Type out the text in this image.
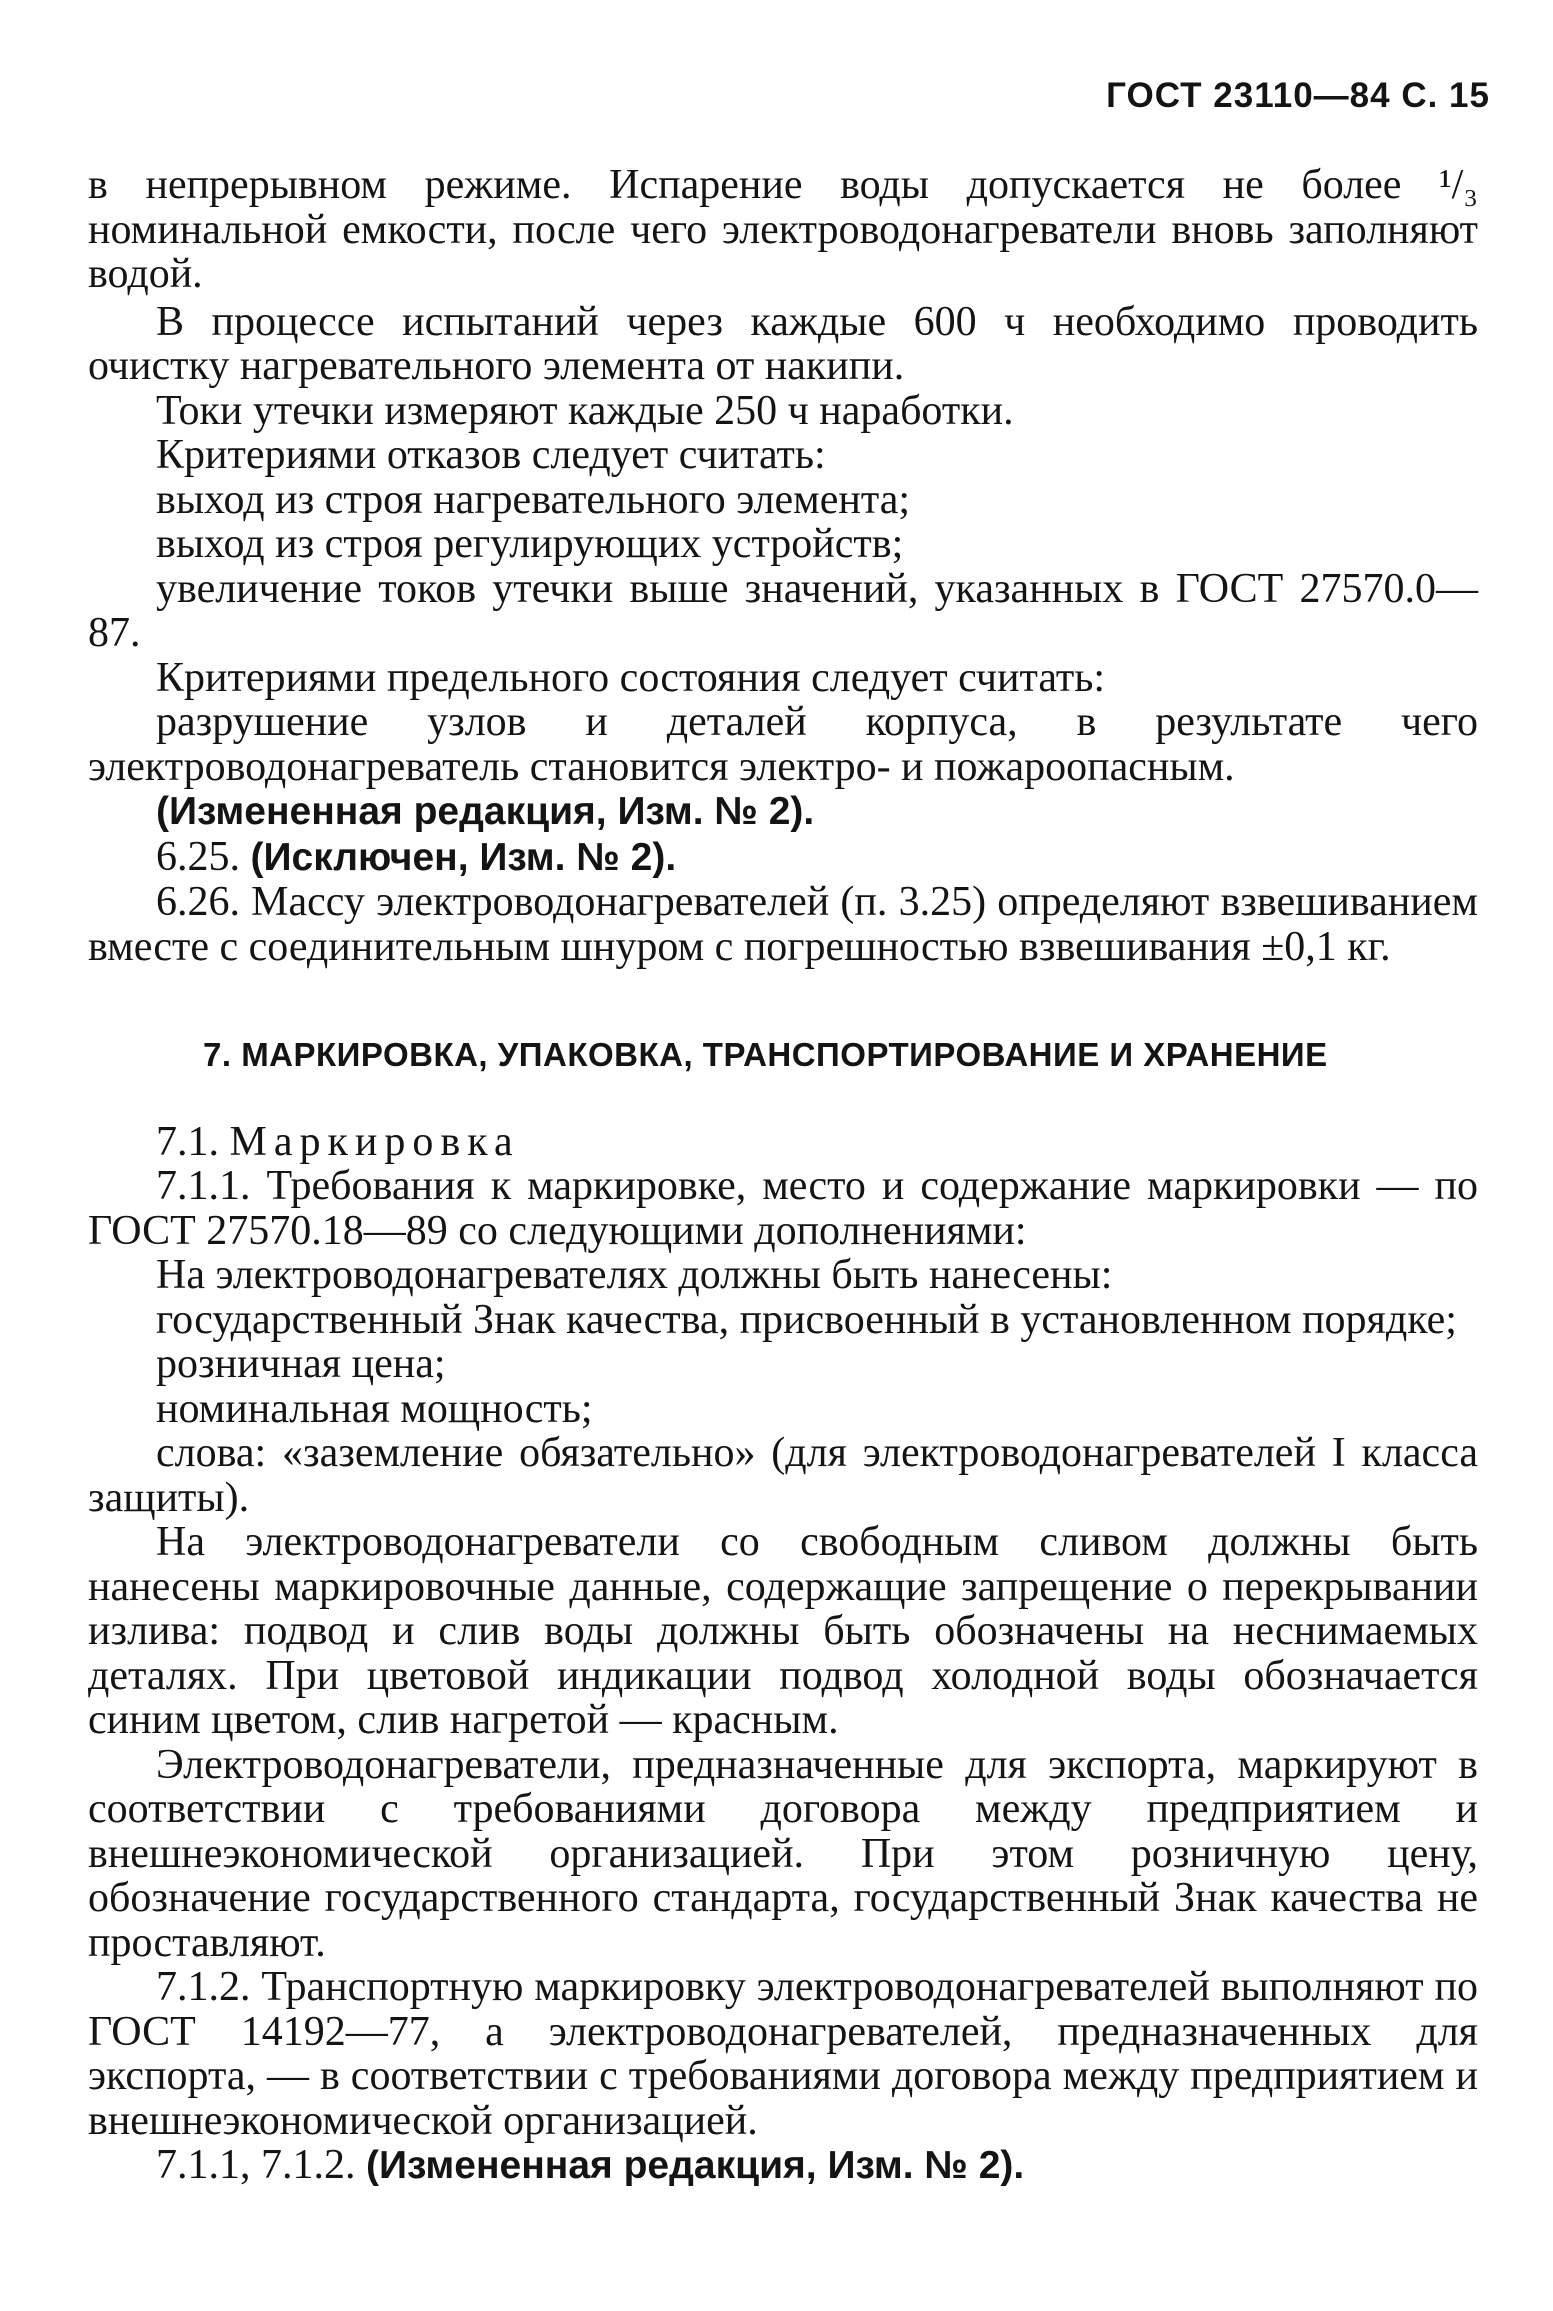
ГОСТ 23110—84 С. 15

в непрерывном режиме. Испарение воды допускается не более ¹/₃ номинальной емкости, после чего электроводонагреватели вновь заполняют водой.

В процессе испытаний через каждые 600 ч необходимо проводить очистку нагревательного элемента от накипи.

Токи утечки измеряют каждые 250 ч наработки.

Критериями отказов следует считать:

выход из строя нагревательного элемента;

выход из строя регулирующих устройств;

увеличение токов утечки выше значений, указанных в ГОСТ 27570.0—87.

Критериями предельного состояния следует считать:

разрушение узлов и деталей корпуса, в результате чего электроводонагреватель становится электро- и пожароопасным.

(Измененная редакция, Изм. № 2).

6.25. (Исключен, Изм. № 2).

6.26. Массу электроводонагревателей (п. 3.25) определяют взвешиванием вместе с соединительным шнуром с погрешностью взвешивания ±0,1 кг.

7. МАРКИРОВКА, УПАКОВКА, ТРАНСПОРТИРОВАНИЕ И ХРАНЕНИЕ

7.1. Маркировка

7.1.1. Требования к маркировке, место и содержание маркировки — по ГОСТ 27570.18—89 со следующими дополнениями:

На электроводонагревателях должны быть нанесены:

государственный Знак качества, присвоенный в установленном порядке;

розничная цена;

номинальная мощность;

слова: «заземление обязательно» (для электроводонагревателей I класса защиты).

На электроводонагреватели со свободным сливом должны быть нанесены маркировочные данные, содержащие запрещение о перекрывании излива: подвод и слив воды должны быть обозначены на неснимаемых деталях. При цветовой индикации подвод холодной воды обозначается синим цветом, слив нагретой — красным.

Электроводонагреватели, предназначенные для экспорта, маркируют в соответствии с требованиями договора между предприятием и внешнеэкономической организацией. При этом розничную цену, обозначение государственного стандарта, государственный Знак качества не проставляют.

7.1.2. Транспортную маркировку электроводонагревателей выполняют по ГОСТ 14192—77, а электроводонагревателей, предназначенных для экспорта, — в соответствии с требованиями договора между предприятием и внешнеэкономической организацией.

7.1.1, 7.1.2. (Измененная редакция, Изм. № 2).
